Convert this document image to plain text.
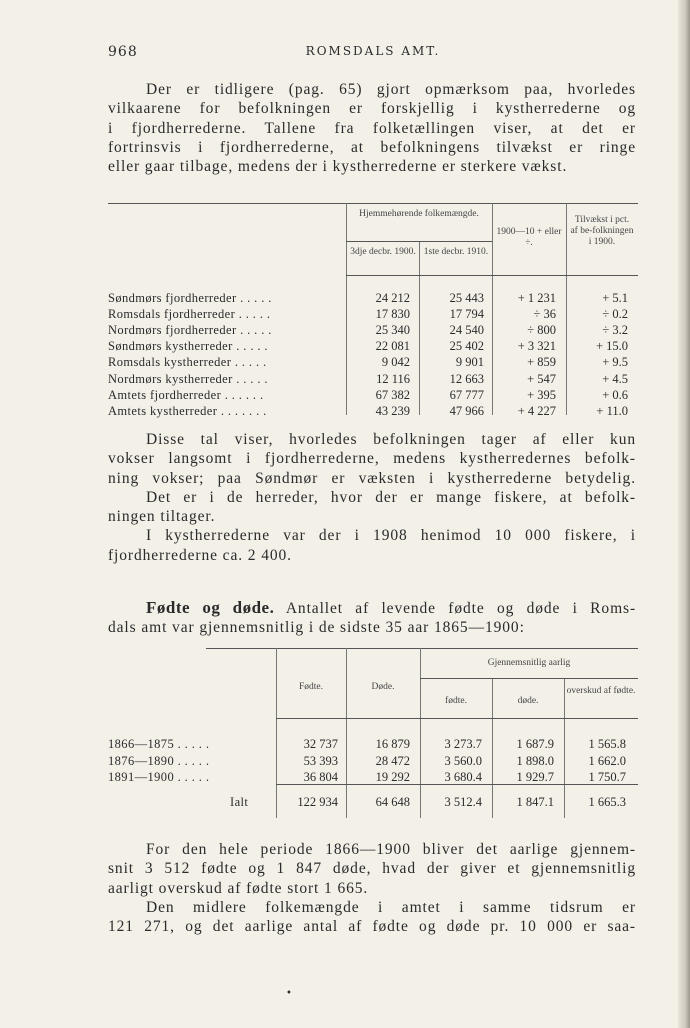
968	ROMSDALS AMT.
Der er tidligere (pag. 65) gjort opmærksom paa, hvorledes
vilkaarene for befolkningen er forskjellig i kystherrederne og
i fjordherrederne. Tallene fra folketællingen viser, at det er
fortrinsvis i fjordherrederne, at befolkningens tilvækst er ringe
eller gaar tilbage, medens der i kystherrederne er sterkere vækst.
Hjemmehørende folkemængde.
3dje decbr. 1900. 1ste decbr. 1910.
1900—10 + eller ÷.
Tilvækst i pct. af be-folkningen i 1900.
Søndmørs fjordherreder . . . . .	24 212	25 443	+ 1 231	+ 5.1
Romsdals fjordherreder . . . . .	17 830	17 794	÷ 36	÷ 0.2
Nordmørs fjordherreder . . . . .	25 340	24 540	÷ 800	÷ 3.2
Søndmørs kystherreder . . . . .	22 081	25 402	+ 3 321	+ 15.0
Romsdals kystherreder . . . . .	9 042	9 901	+ 859	+ 9.5
Nordmørs kystherreder . . . . .	12 116	12 663	+ 547	+ 4.5
Amtets fjordherreder . . . . . .	67 382	67 777	+ 395	+ 0.6
Amtets kystherreder . . . . . . .	43 239	47 966	+ 4 227	+ 11.0
Disse tal viser, hvorledes befolkningen tager af eller kun
vokser langsomt i fjordherrederne, medens kystherredernes befolk-
ning vokser; paa Søndmør er væksten i kystherrederne betydelig.
Det er i de herreder, hvor der er mange fiskere, at befolk-
ningen tiltager.
I kystherrederne var der i 1908 henimod 10 000 fiskere, i
fjordherrederne ca. 2 400.
Fødte og døde. Antallet af levende fødte og døde i Roms-
dals amt var gjennemsnitlig i de sidste 35 aar 1865—1900:
Fødte.	Døde.
Gjennemsnitlig aarlig
fødte.	døde.
overskud af fødte.
1866—1875 . . . . .	32 737	16 879	3 273.7	1 687.9	1 565.8
1876—1890 . . . . .	53 393	28 472	3 560.0	1 898.0	1 662.0
1891—1900 . . . . .	36 804	19 292	3 680.4	1 929.7	1 750.7
Ialt	122 934	64 648	3 512.4	1 847.1	1 665.3
For den hele periode 1866—1900 bliver det aarlige gjennem-
snit 3 512 fødte og 1 847 døde, hvad der giver et gjennemsnitlig
aarligt overskud af fødte stort 1 665.
Den midlere folkemængde i amtet i samme tidsrum er
121 271, og det aarlige antal af fødte og døde pr. 10 000 er saa-
•
